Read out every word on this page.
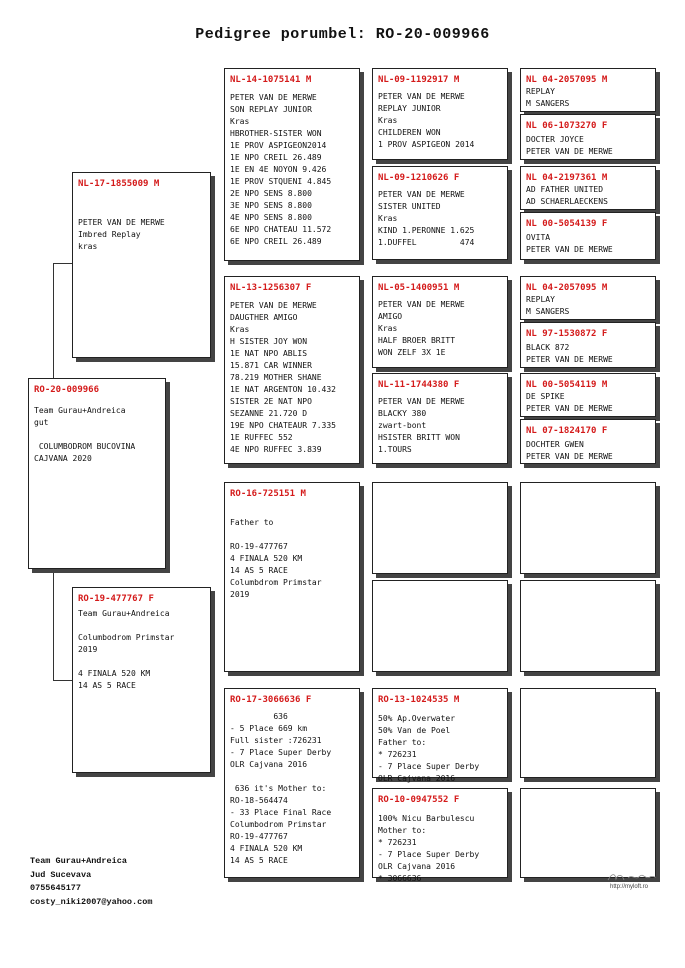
Pedigree porumbel: RO-20-009966
RO-20-009966
Team Gurau+Andreica
gut

COLUMBODROM BUCOVINA
CAJVANA 2020
NL-17-1855009 M

PETER VAN DE MERWE
Imbred Replay
kras
RO-19-477767 F
Team Gurau+Andreica

Columbodrom Primstar
2019

4 FINALA 520 KM
14 AS 5 RACE
NL-14-1075141 M
PETER VAN DE MERWE
SON REPLAY JUNIOR
Kras
HBROTHER-SISTER WON
1E PROV ASPIGEON2014
1E NPO CREIL 26.489
1E EN 4E NOYON 9.426
1E PROV STQUENI 4.845
2E NPO SENS 8.800
3E NPO SENS 8.800
4E NPO SENS 8.800
6E NPO CHATEAU 11.572
6E NPO CREIL 26.489
NL-13-1256307 F
PETER VAN DE MERWE
DAUGTHER AMIGO
Kras
H SISTER JOY WON
1E NAT NPO ABLIS
15.871 CAR WINNER
78.219 MOTHER SHANE
1E NAT ARGENTON 10.432
SISTER 2E NAT NPO
SEZANNE 21.720 D
19E NPO CHATEAUR 7.335
1E RUFFEC 552
4E NPO RUFFEC 3.839
RO-16-725151 M

Father to

RO-19-477767
4 FINALA 520 KM
14 AS 5 RACE
Columbdrom Primstar
2019
RO-17-3066636 F
636
- 5 Place 669 km
Full sister :726231
- 7 Place Super Derby
OLR Cajvana 2016

636 it's Mother to:
RO-18-564474
- 33 Place Final Race
Columbodrom Primstar
RO-19-477767
4 FINALA 520 KM
14 AS 5 RACE
NL-09-1192917 M
PETER VAN DE MERWE
REPLAY JUNIOR
Kras
CHILDEREN WON
1 PROV ASPIGEON 2014
NL-09-1210626 F
PETER VAN DE MERWE
SISTER UNITED
Kras
KIND 1.PERONNE 1.625
1.DUFFEL         474
NL-05-1400951 M
PETER VAN DE MERWE
AMIGO
Kras
HALF BROER BRITT
WON ZELF 3X 1E
NL-11-1744380 F
PETER VAN DE MERWE
BLACKY 380
zwart-bont
HSISTER BRITT WON
1.TOURS
RO-13-1024535 M
50% Ap.Overwater
50% Van de Poel
Father to:
* 726231
- 7 Place Super Derby
OLR Cajvana 2016
RO-10-0947552 F
100% Nicu Barbulescu
Mother to:
* 726231
- 7 Place Super Derby
OLR Cajvana 2016
* 3066636
NL 04-2057095 M
REPLAY
M SANGERS
NL 06-1073270 F
DOCTER JOYCE
PETER VAN DE MERWE
NL 04-2197361 M
AD FATHER UNITED
AD SCHAERLAECKENS
NL 00-5054139 F
OVITA
PETER VAN DE MERWE
NL 04-2057095 M
REPLAY
M SANGERS
NL 97-1530872 F
BLACK 872
PETER VAN DE MERWE
NL 00-5054119 M
DE SPIKE
PETER VAN DE MERWE
NL 07-1824170 F
DOCHTER GWEN
PETER VAN DE MERWE
Team Gurau+Andreica
Jud Sucevava
0755645177
costy_niki2007@yahoo.com
http://myloft.ro
